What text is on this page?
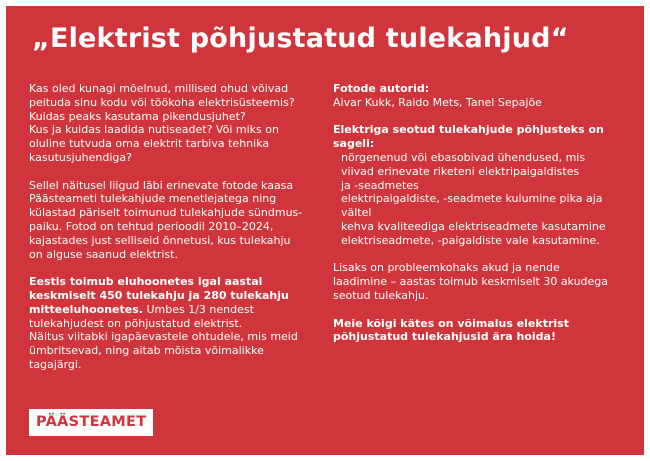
„Elektrist põhjustatud tulekahjud“

Kas oled kunagi mõelnud, millised ohud võivad
peituda sinu kodu või töökoha elektrisüsteemis?
Kuidas peaks kasutama pikendusjuhet?
Kus ja kuidas laadida nutiseadet? Või miks on
oluline tutvuda oma elektrit tarbiva tehnika
kasutusjuhendiga?

Sellel näitusel liigud läbi erinevate fotode kaasa
Päästeameti tulekahjude menetlejatega ning
külastad päriselt toimunud tulekahjude sündmus-
paiku. Fotod on tehtud perioodil 2010–2024,
kajastades just selliseid õnnetusi, kus tulekahju
on alguse saanud elektrist.

Eestis toimub eluhoonetes igal aastal
keskmiselt 450 tulekahju ja 280 tulekahju
mitteeluhoonetes. Umbes 1/3 nendest
tulekahjudest on põhjustatud elektrist.
Näitus viitabki igapäevastele ohtudele, mis meid
ümbritsevad, ning aitab mõista võimalikke tagajärgi.

Fotode autorid:
Aivar Kukk, Raido Mets, Tanel Sepajõe

Elektriga seotud tulekahjude põhjusteks on
sageli:

nõrgenenud või ebasobivad ühendused, mis
viivad erinevate riketeni elektripaigaldistes
ja -seadmetes
elektripaigaldiste, -seadmete kulumine pika aja
vältel
kehva kvaliteediga elektriseadmete kasutamine
elektriseadmete, -paigaldiste vale kasutamine.

Lisaks on probleemkohaks akud ja nende
laadimine – aastas toimub keskmiselt 30 akudega
seotud tulekahju.

Meie kõigi kätes on võimalus elektrist
põhjustatud tulekahjusid ära hoida!

PÄÄSTEAMET
